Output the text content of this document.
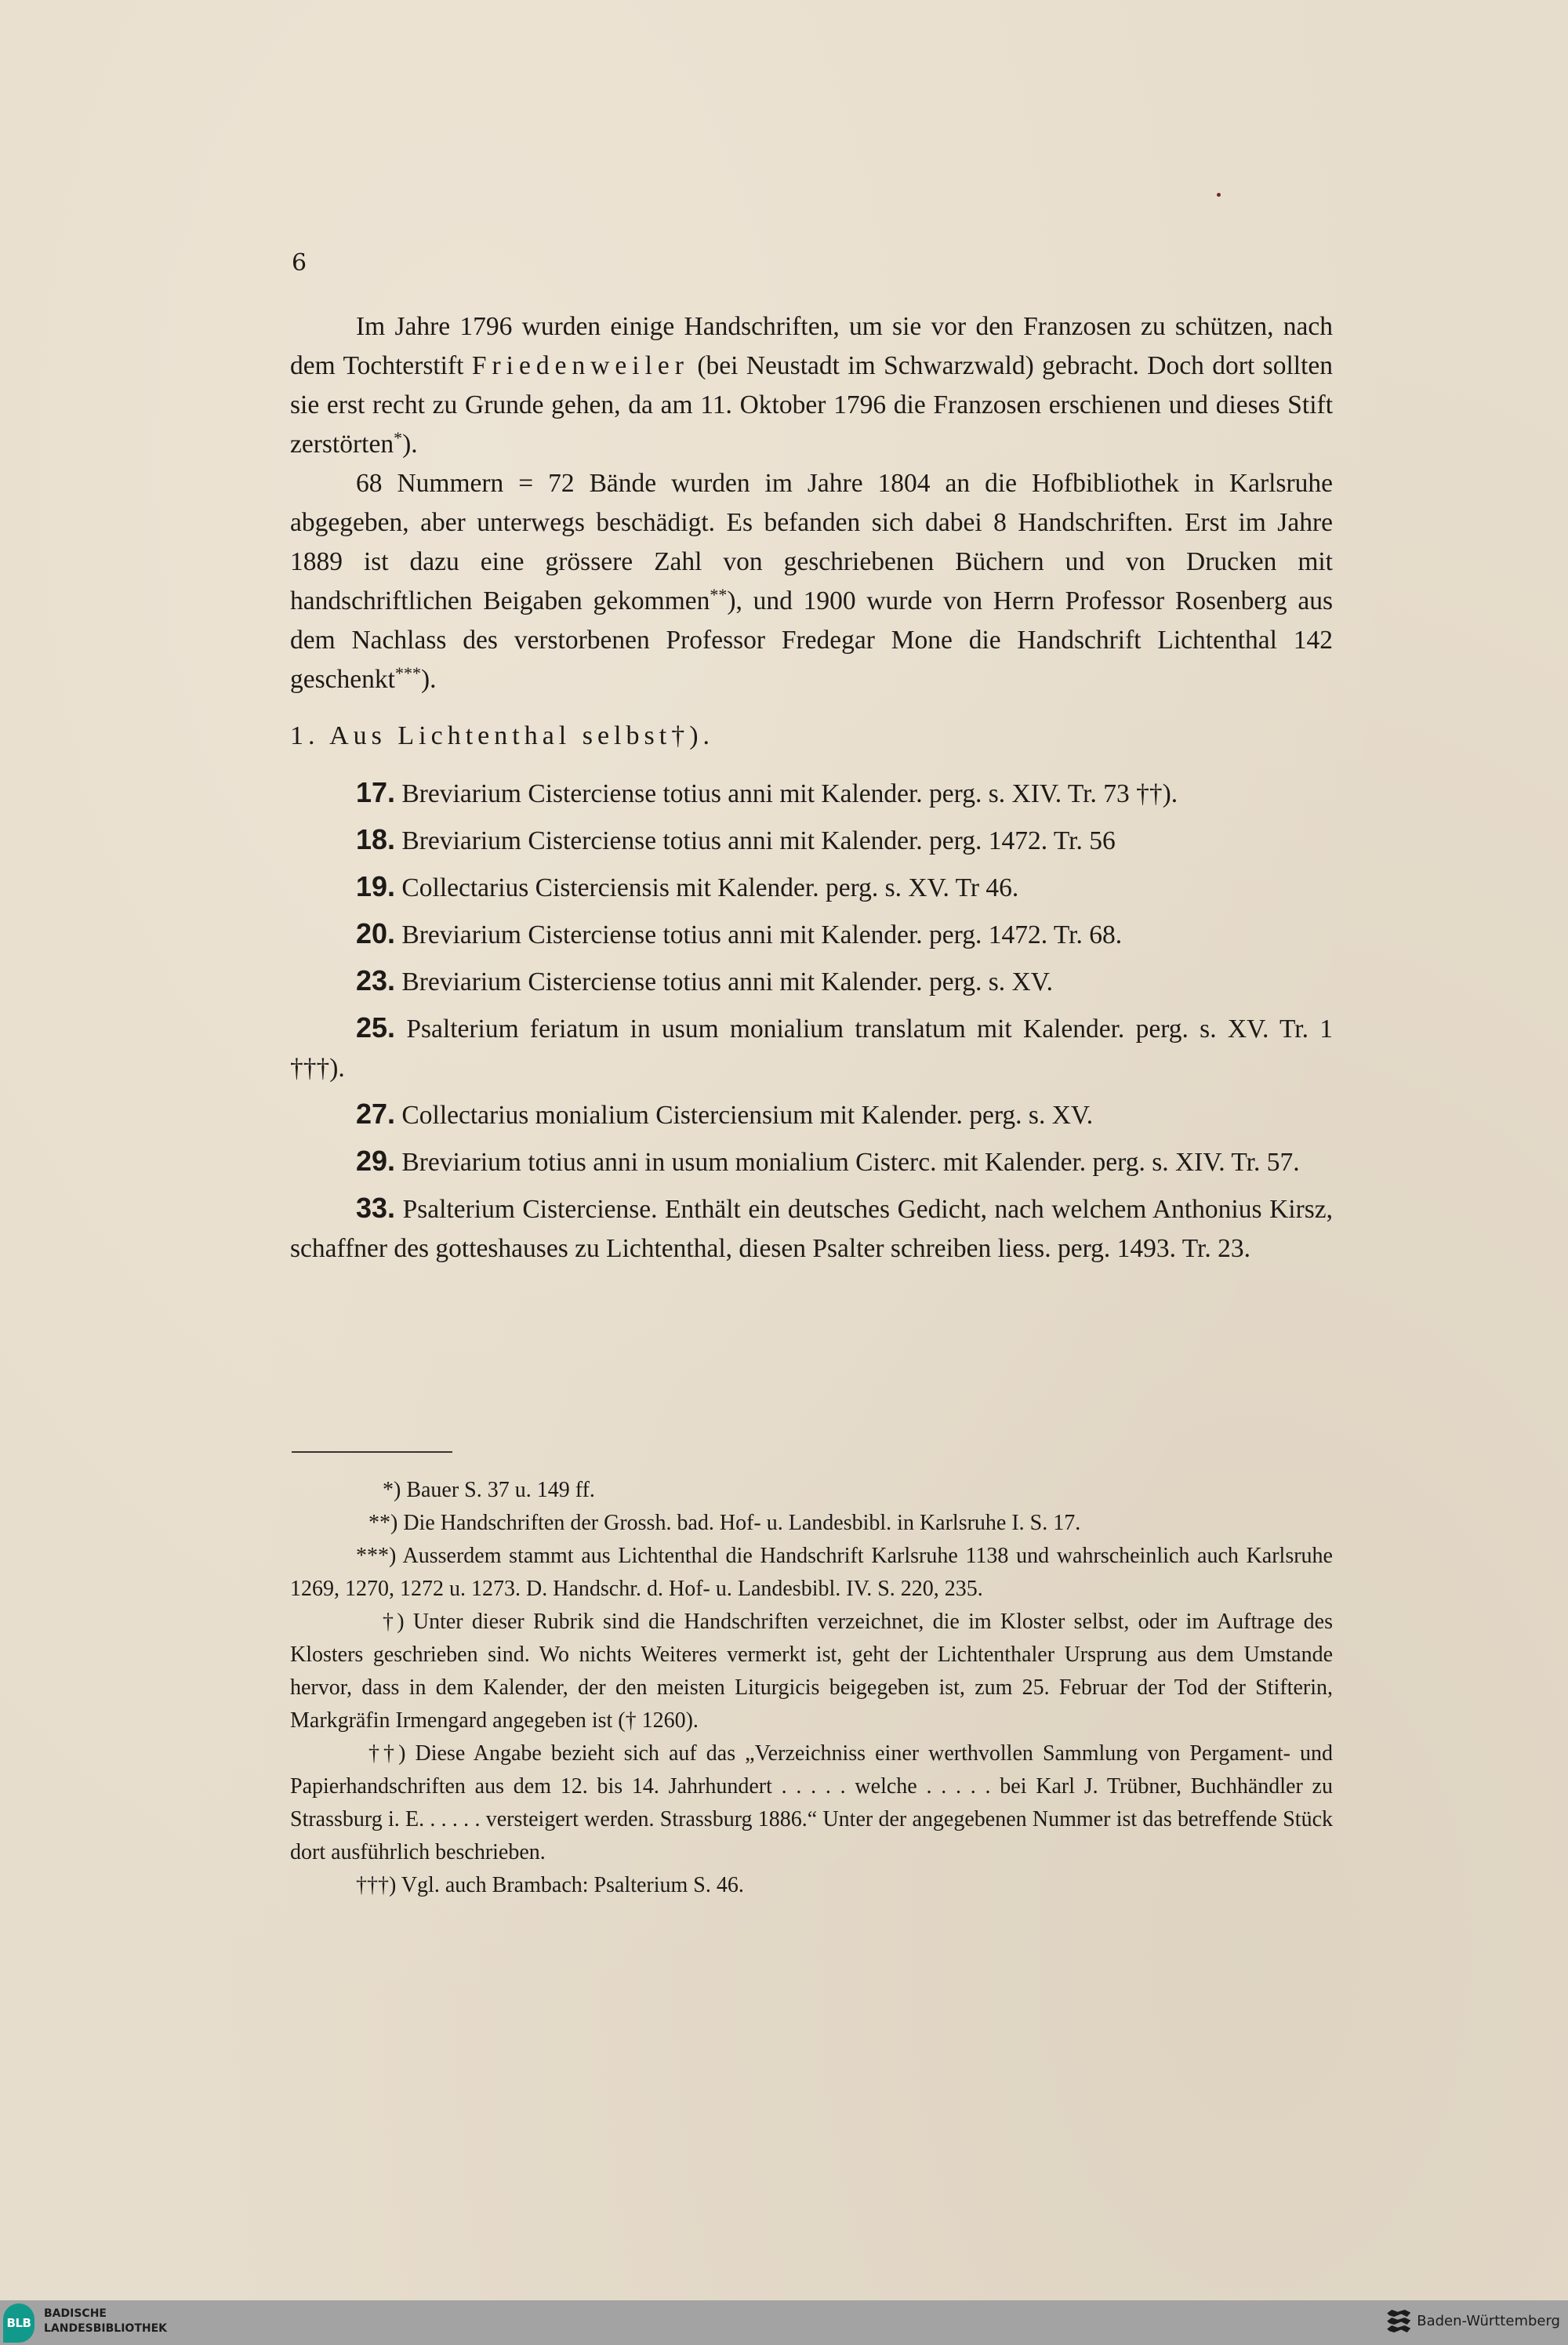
6

Im Jahre 1796 wurden einige Handschriften, um sie vor den Franzosen zu schützen, nach dem Tochterstift Friedenweiler (bei Neustadt im Schwarzwald) gebracht. Doch dort sollten sie erst recht zu Grunde gehen, da am 11. Oktober 1796 die Franzosen erschienen und dieses Stift zerstörten*).

68 Nummern = 72 Bände wurden im Jahre 1804 an die Hofbibliothek in Karlsruhe abgegeben, aber unterwegs beschädigt. Es befanden sich dabei 8 Handschriften. Erst im Jahre 1889 ist dazu eine grössere Zahl von geschriebenen Büchern und von Drucken mit handschriftlichen Beigaben gekommen**), und 1900 wurde von Herrn Professor Rosenberg aus dem Nachlass des verstorbenen Professor Fredegar Mone die Handschrift Lichtenthal 142 geschenkt***).

1. Aus Lichtenthal selbst†).

17. Breviarium Cisterciense totius anni mit Kalender. perg. s. XIV. Tr. 73 ††).

18. Breviarium Cisterciense totius anni mit Kalender. perg. 1472. Tr. 56

19. Collectarius Cisterciensis mit Kalender. perg. s. XV. Tr 46.

20. Breviarium Cisterciense totius anni mit Kalender. perg. 1472. Tr. 68.

23. Breviarium Cisterciense totius anni mit Kalender. perg. s. XV.

25. Psalterium feriatum in usum monialium translatum mit Kalender. perg. s. XV. Tr. 1 †††).

27. Collectarius monialium Cisterciensium mit Kalender. perg. s. XV.

29. Breviarium totius anni in usum monialium Cisterc. mit Kalender. perg. s. XIV. Tr. 57.

33. Psalterium Cisterciense. Enthält ein deutsches Gedicht, nach welchem Anthonius Kirsz, schaffner des gotteshauses zu Lichtenthal, diesen Psalter schreiben liess. perg. 1493. Tr. 23.

*) Bauer S. 37 u. 149 ff.

**) Die Handschriften der Grossh. bad. Hof- u. Landesbibl. in Karlsruhe I. S. 17.

***) Ausserdem stammt aus Lichtenthal die Handschrift Karlsruhe 1138 und wahrscheinlich auch Karlsruhe 1269, 1270, 1272 u. 1273. D. Handschr. d. Hof- u. Landesbibl. IV. S. 220, 235.

†) Unter dieser Rubrik sind die Handschriften verzeichnet, die im Kloster selbst, oder im Auftrage des Klosters geschrieben sind. Wo nichts Weiteres vermerkt ist, geht der Lichtenthaler Ursprung aus dem Umstande hervor, dass in dem Kalender, der den meisten Liturgicis beigegeben ist, zum 25. Februar der Tod der Stifterin, Markgräfin Irmengard angegeben ist († 1260).

††) Diese Angabe bezieht sich auf das „Verzeichniss einer werthvollen Sammlung von Pergament- und Papierhandschriften aus dem 12. bis 14. Jahrhundert . . . . . welche . . . . . bei Karl J. Trübner, Buchhändler zu Strassburg i. E. . . . . . versteigert werden. Strassburg 1886.“ Unter der angegebenen Nummer ist das betreffende Stück dort ausführlich beschrieben.

†††) Vgl. auch Brambach: Psalterium S. 46.

BLB
BADISCHE
LANDESBIBLIOTHEK	Baden-Württemberg
